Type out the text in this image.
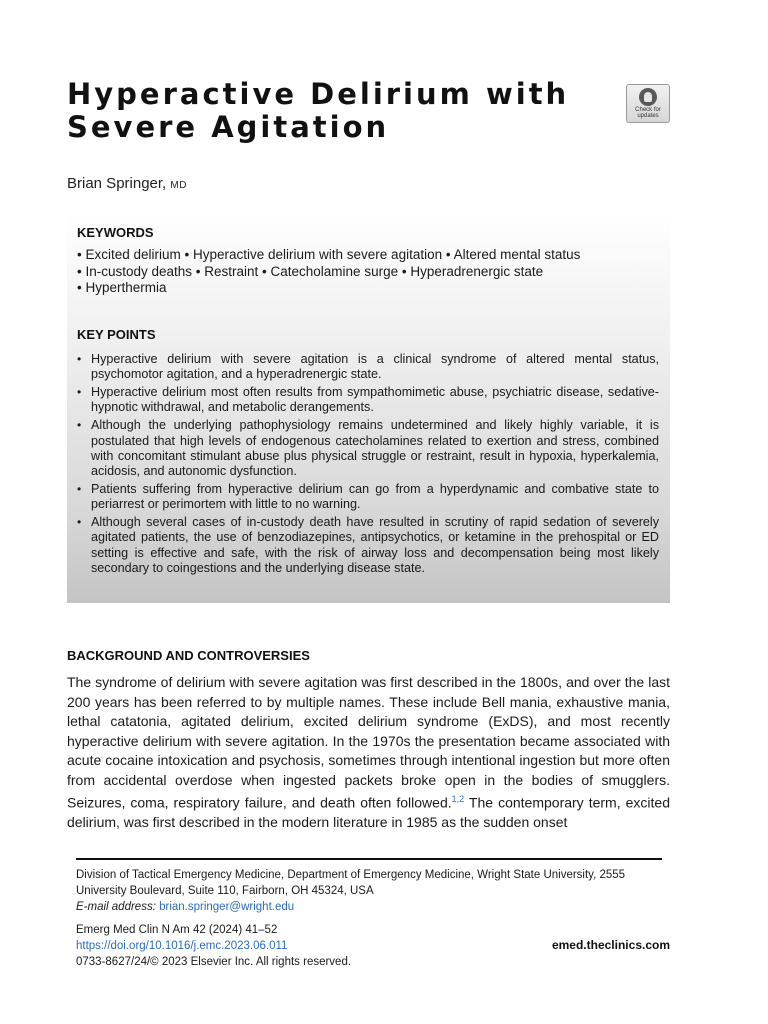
Hyperactive Delirium with
Severe Agitation	Check for
updates
Brian Springer, MD
KEYWORDS
• Excited delirium • Hyperactive delirium with severe agitation • Altered mental status
• In-custody deaths • Restraint • Catecholamine surge • Hyperadrenergic state
• Hyperthermia
KEY POINTS
• Hyperactive delirium with severe agitation is a clinical syndrome of altered mental status, psychomotor agitation, and a hyperadrenergic state.
• Hyperactive delirium most often results from sympathomimetic abuse, psychiatric disease, sedative-hypnotic withdrawal, and metabolic derangements.
• Although the underlying pathophysiology remains undetermined and likely highly variable, it is postulated that high levels of endogenous catecholamines related to exertion and stress, combined with concomitant stimulant abuse plus physical struggle or restraint, result in hypoxia, hyperkalemia, acidosis, and autonomic dysfunction.
• Patients suffering from hyperactive delirium can go from a hyperdynamic and combative state to periarrest or perimortem with little to no warning.
• Although several cases of in-custody death have resulted in scrutiny of rapid sedation of severely agitated patients, the use of benzodiazepines, antipsychotics, or ketamine in the prehospital or ED setting is effective and safe, with the risk of airway loss and decompensation being most likely secondary to coingestions and the underlying disease state.
BACKGROUND AND CONTROVERSIES

The syndrome of delirium with severe agitation was first described in the 1800s, and over the last 200 years has been referred to by multiple names. These include Bell mania, exhaustive mania, lethal catatonia, agitated delirium, excited delirium syndrome (ExDS), and most recently hyperactive delirium with severe agitation. In the 1970s the presentation became associated with acute cocaine intoxication and psychosis, sometimes through intentional ingestion but more often from accidental overdose when ingested packets broke open in the bodies of smugglers. Seizures, coma, respiratory failure, and death often followed.$^{1,2}$ The contemporary term, excited delirium, was first described in the modern literature in 1985 as the sudden onset

Division of Tactical Emergency Medicine, Department of Emergency Medicine, Wright State University, 2555 University Boulevard, Suite 110, Fairborn, OH 45324, USA
E-mail address: brian.springer@wright.edu

Emerg Med Clin N Am 42 (2024) 41–52
https://doi.org/10.1016/j.emc.2023.06.011
0733-8627/24/© 2023 Elsevier Inc. All rights reserved.

emed.theclinics.com
